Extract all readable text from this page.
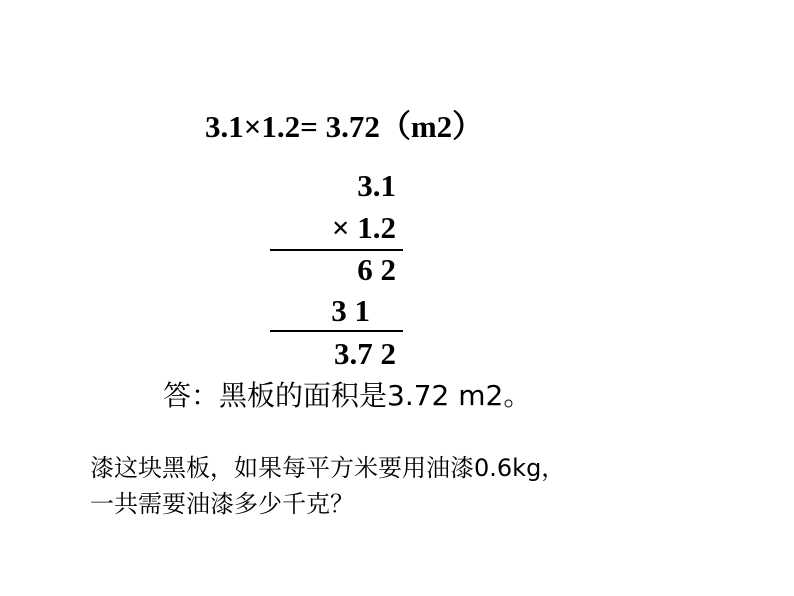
3.1×1.2= 3.72（m2）
3.1
× 1.2
6 2
3 1
3.7 2
答：黑板的面积是3.72 m2。
漆这块黑板，如果每平方米要用油漆0.6kg，
一共需要油漆多少千克？
